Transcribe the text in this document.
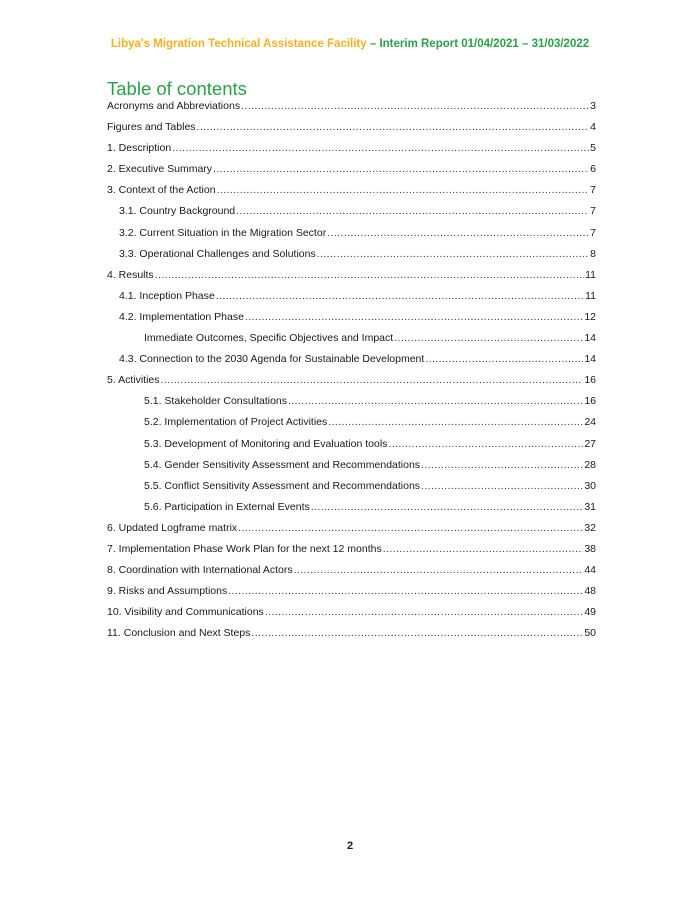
Libya's Migration Technical Assistance Facility – Interim Report 01/04/2021 – 31/03/2022
Table of contents
Acronyms and Abbreviations .....	3
Figures and Tables .....	4
1. Description .....	5
2. Executive Summary .....	6
3. Context of the Action .....	7
3.1. Country Background .....	7
3.2. Current Situation in the Migration Sector .....	7
3.3. Operational Challenges and Solutions .....	8
4. Results .....	11
4.1. Inception Phase .....	11
4.2. Implementation Phase .....	12
Immediate Outcomes, Specific Objectives and Impact .....	14
4.3. Connection to the 2030 Agenda for Sustainable Development .....	14
5. Activities .....	16
5.1. Stakeholder Consultations .....	16
5.2. Implementation of Project Activities .....	24
5.3. Development of Monitoring and Evaluation tools .....	27
5.4. Gender Sensitivity Assessment and Recommendations .....	28
5.5. Conflict Sensitivity Assessment and Recommendations .....	30
5.6. Participation in External Events .....	31
6. Updated Logframe matrix .....	32
7. Implementation Phase Work Plan for the next 12 months .....	38
8. Coordination with International Actors .....	44
9. Risks and Assumptions .....	48
10. Visibility and Communications .....	49
11. Conclusion and Next Steps .....	50
2
